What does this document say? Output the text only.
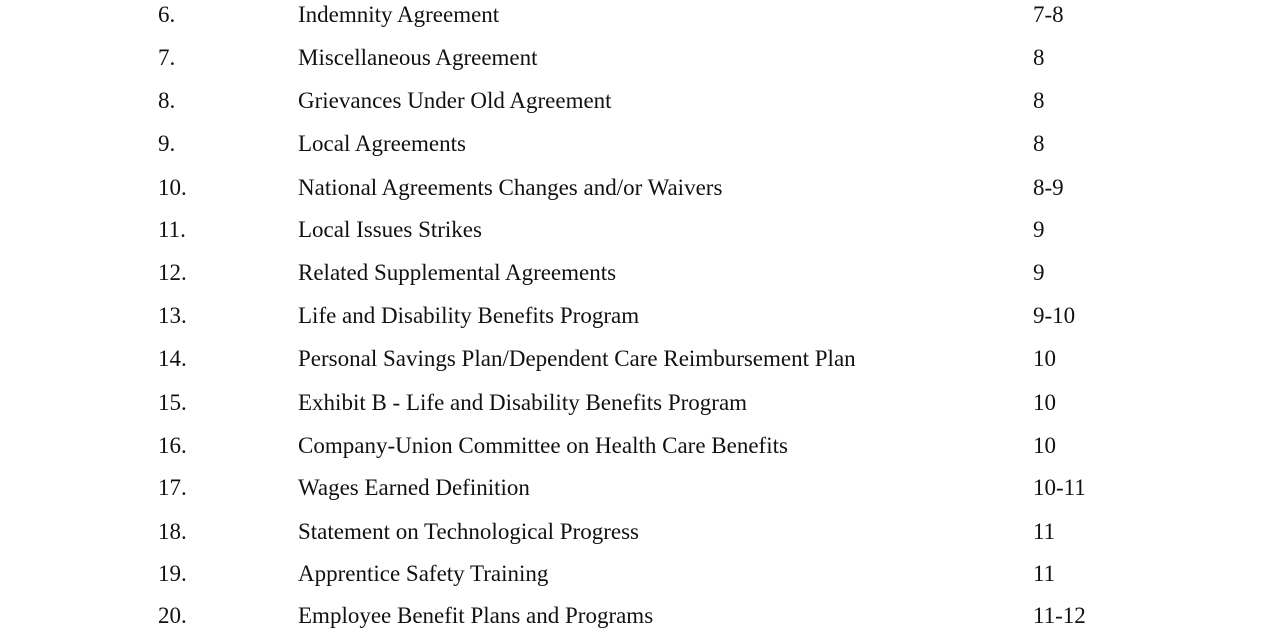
6.	Indemnity Agreement	7-8
7.	Miscellaneous Agreement	8
8.	Grievances Under Old Agreement	8
9.	Local Agreements	8
10.	National Agreements Changes and/or Waivers	8-9
11.	Local Issues Strikes	9
12.	Related Supplemental Agreements	9
13.	Life and Disability Benefits Program	9-10
14.	Personal Savings Plan/Dependent Care Reimbursement Plan	10
15.	Exhibit B - Life and Disability Benefits Program	10
16.	Company-Union Committee on Health Care Benefits	10
17.	Wages Earned Definition	10-11
18.	Statement on Technological Progress	11
19.	Apprentice Safety Training	11
20.	Employee Benefit Plans and Programs	11-12
